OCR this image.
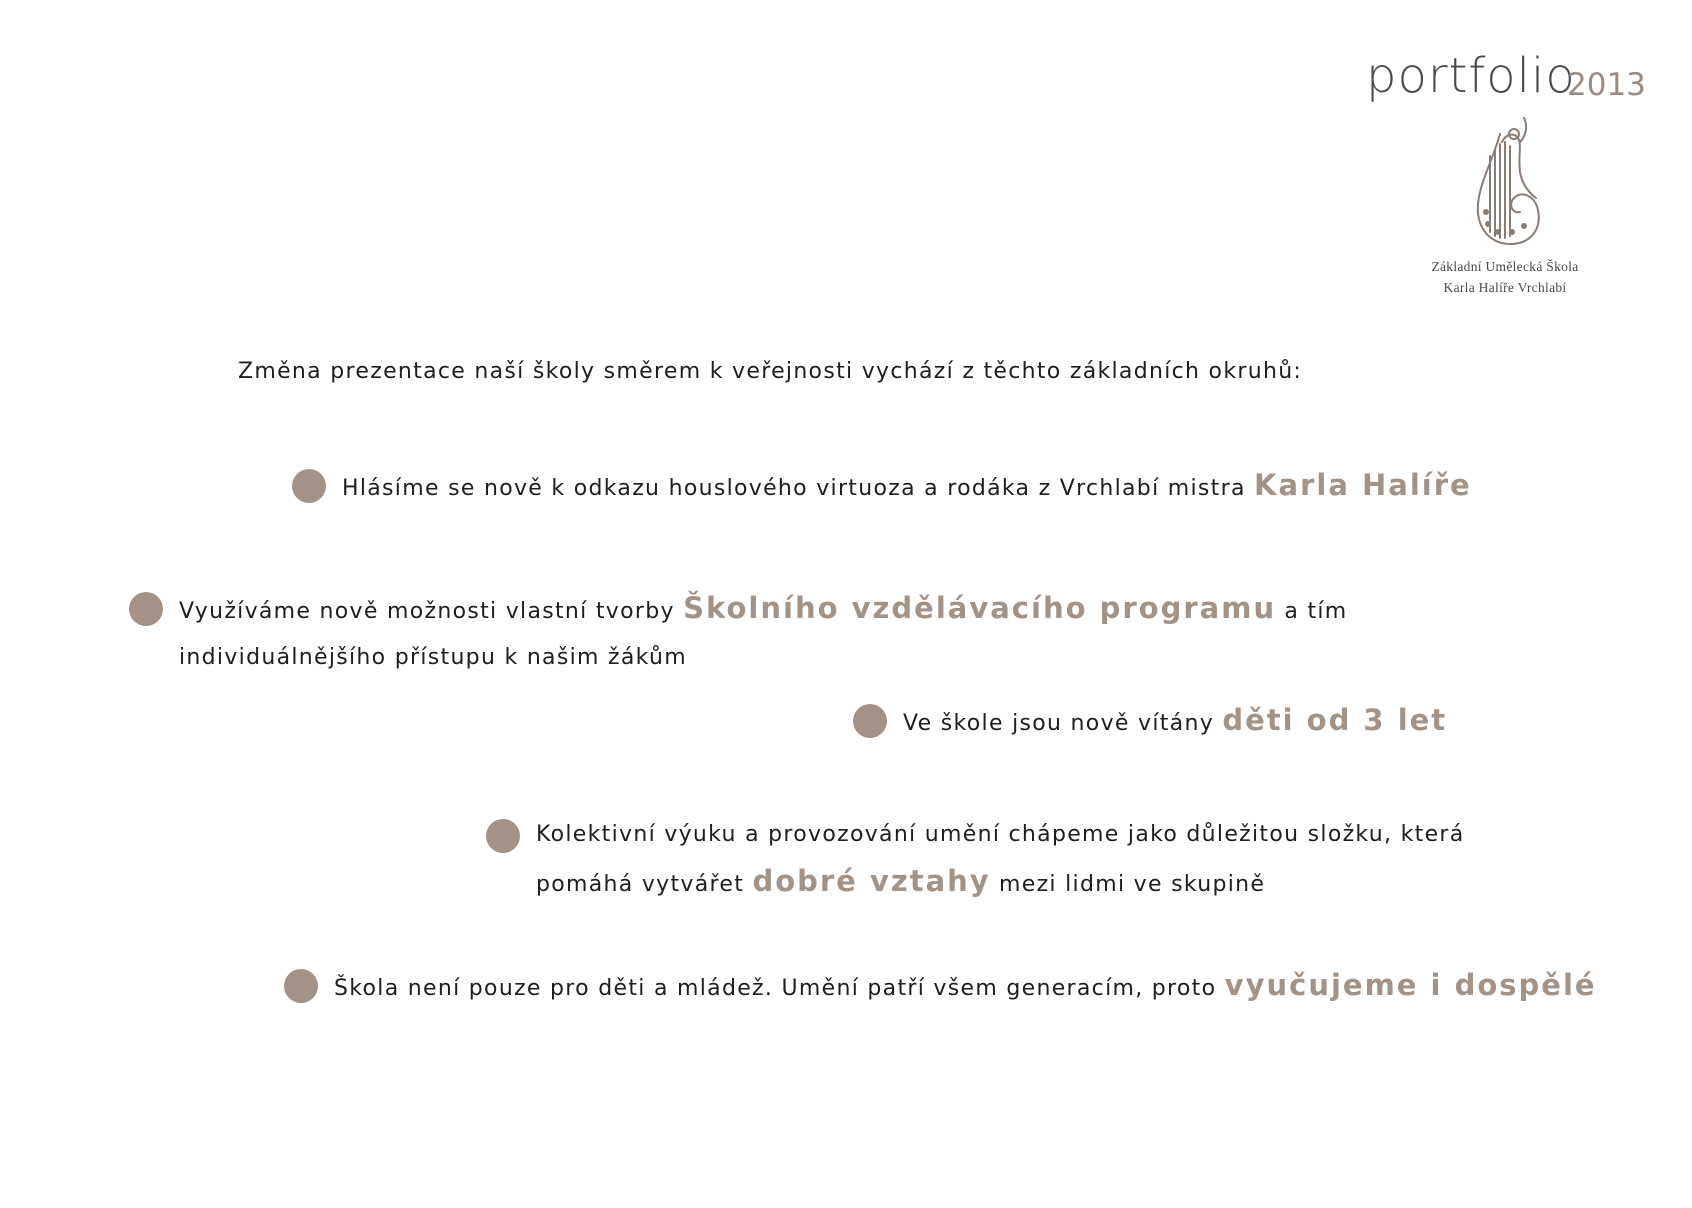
portfolio
2013
Základní Umělecká Škola
Karla Halíře Vrchlabí
Změna prezentace naší školy směrem k veřejnosti vychází z těchto základních okruhů:
Hlásíme se nově k odkazu houslového virtuoza a rodáka z Vrchlabí mistra Karla Halíře
Využíváme nově možnosti vlastní tvorby Školního vzdělávacího programu a tím individuálnějšího přístupu k našim žákům
Ve škole jsou nově vítány děti od 3 let
Kolektivní výuku a provozování umění chápeme jako důležitou složku, která pomáhá vytvářet dobré vztahy mezi lidmi ve skupině
Škola není pouze pro děti a mládež. Umění patří všem generacím, proto vyučujeme i dospělé
